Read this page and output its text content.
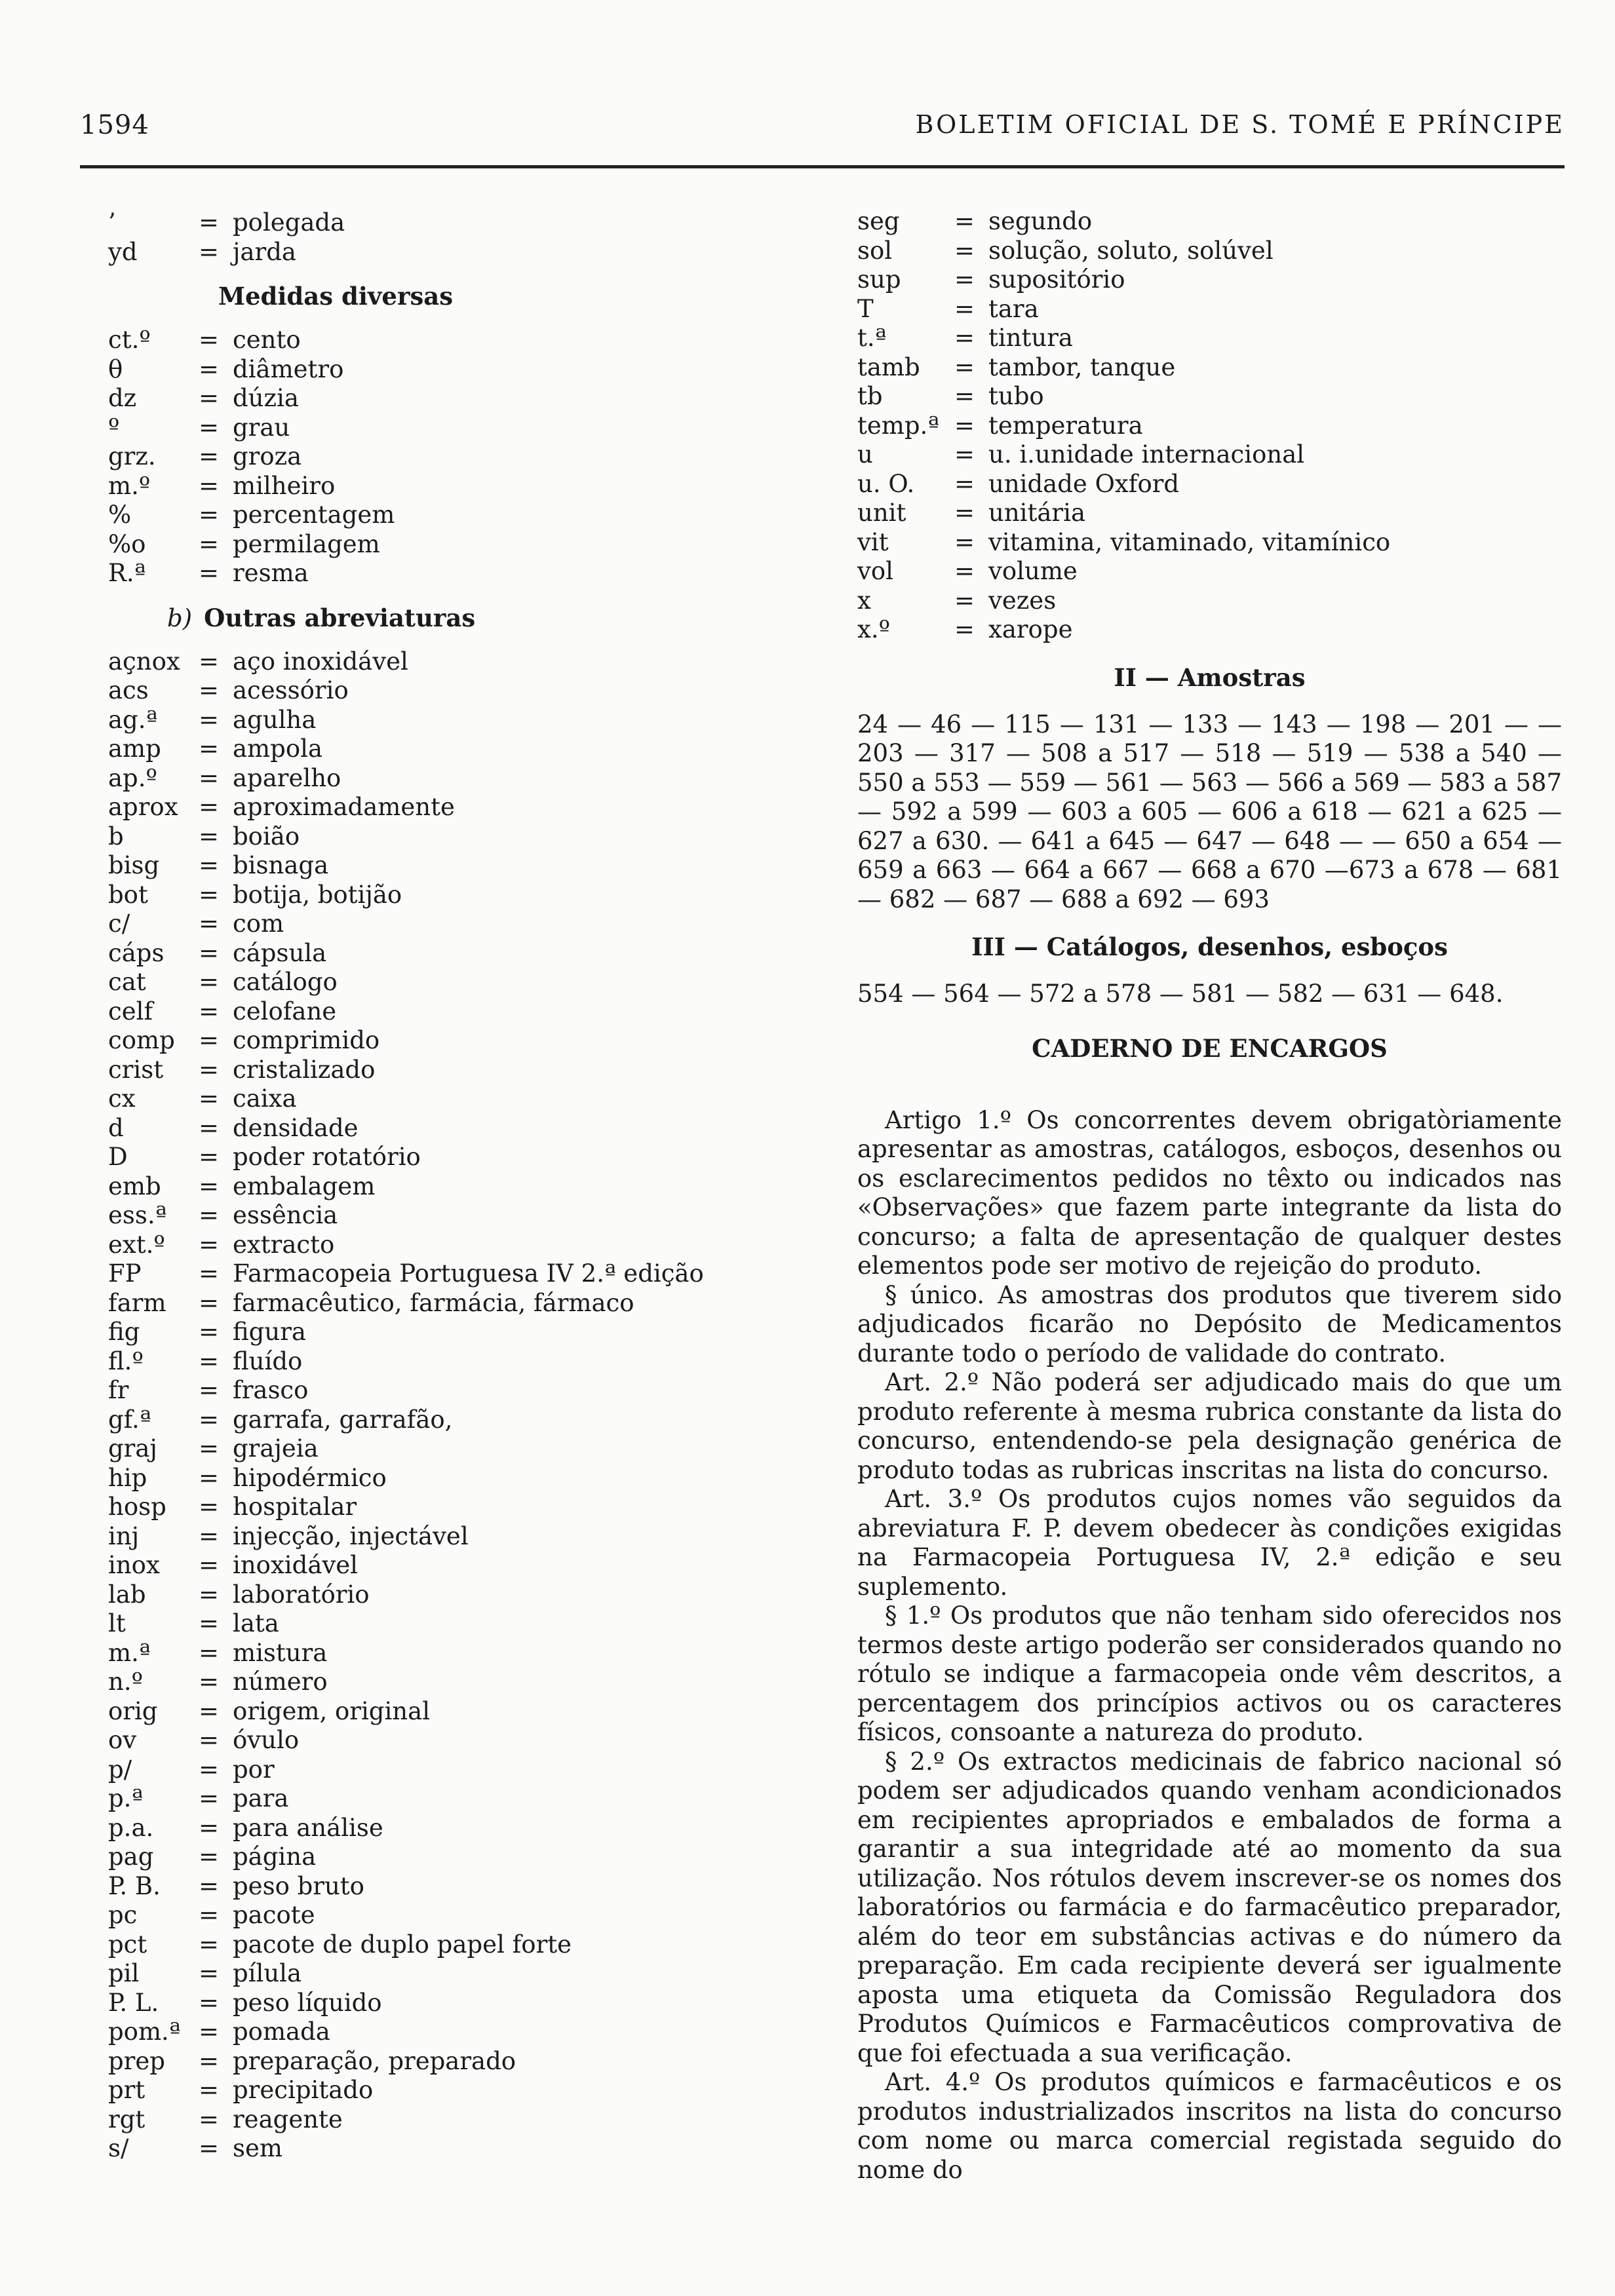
1594	BOLETIM OFICIAL DE S. TOMÉ E PRÍNCIPE
’	= polegada
yd	= jarda
Medidas diversas
ct.º	= cento
θ	= diâmetro
dz	= dúzia
º	= grau
grz.	= groza
m.º	= milheiro
%	= percentagem
%o	= permilagem
R.ª	= resma
b) Outras abreviaturas
açnox = aço inoxidável
acs	= acessório
ag.ª	= agulha
amp	= ampola
ap.º	= aparelho
aprox = aproximadamente
b	= boião
bisg	= bisnaga
bot	= botija, botijão
c/	= com
cáps	= cápsula
cat	= catálogo
celf	= celofane
comp = comprimido
crist	= cristalizado
cx	= caixa
d	= densidade
D	= poder rotatório
emb	= embalagem
ess.ª	= essência
ext.º	= extracto
FP	= Farmacopeia Portuguesa IV 2.ª edição
farm	= farmacêutico, farmácia, fármaco
fig	= figura
fl.º	= fluído
fr	= frasco
gf.ª	= garrafa, garrafão,
graj	= grajeia
hip	= hipodérmico
hosp	= hospitalar
inj	= injecção, injectável
inox	= inoxidável
lab	= laboratório
lt	= lata
m.ª	= mistura
n.º	= número
orig	= origem, original
ov	= óvulo
p/	= por
p.ª	= para
p.a.	= para análise
pag	= página
P. B.	= peso bruto
pc	= pacote
pct	= pacote de duplo papel forte
pil	= pílula
P. L.	= peso líquido
pom.ª = pomada
prep	= preparação, preparado
prt	= precipitado
rgt	= reagente
s/	= sem
seg	= segundo
sol	= solução, soluto, solúvel
sup	= supositório
T	= tara
t.ª	= tintura
tamb	= tambor, tanque
tb	= tubo
temp.ª = temperatura
u	= u. i.unidade internacional
u. O.	= unidade Oxford
unit	= unitária
vit	= vitamina, vitaminado, vitamínico
vol	= volume
x	= vezes
x.º	= xarope
II — Amostras
24 — 46 — 115 — 131 — 133 — 143 — 198 — 201 — — 203 — 317 — 508 a 517 — 518 — 519 — 538 a 540 —550 a 553 — 559 — 561 — 563 — 566 a 569 — 583 a 587 — 592 a 599 — 603 a 605 — 606 a 618 — 621 a 625 — 627 a 630. — 641 a 645 — 647 — 648 — — 650 a 654 — 659 a 663 — 664 a 667 — 668 a 670 —673 a 678 — 681 — 682 — 687 — 688 a 692 — 693
III — Catálogos, desenhos, esboços
554 — 564 — 572 a 578 — 581 — 582 — 631 — 648.
CADERNO DE ENCARGOS

Artigo 1.º Os concorrentes devem obrigatòriamente apresentar as amostras, catálogos, esboços, desenhos ou os esclarecimentos pedidos no têxto ou indicados nas «Observações» que fazem parte integrante da lista do concurso; a falta de apresentação de qualquer destes elementos pode ser motivo de rejeição do produto.

§ único. As amostras dos produtos que tiverem sido adjudicados ficarão no Depósito de Medicamentos durante todo o período de validade do contrato.

Art. 2.º Não poderá ser adjudicado mais do que um produto referente à mesma rubrica constante da lista do concurso, entendendo-se pela designação genérica de produto todas as rubricas inscritas na lista do concurso.

Art. 3.º Os produtos cujos nomes vão seguidos da abreviatura F. P. devem obedecer às condições exigidas na Farmacopeia Portuguesa IV, 2.ª edição e seu suplemento.

§ 1.º Os produtos que não tenham sido oferecidos nos termos deste artigo poderão ser considerados quando no rótulo se indique a farmacopeia onde vêm descritos, a percentagem dos princípios activos ou os caracteres físicos, consoante a natureza do produto.

§ 2.º Os extractos medicinais de fabrico nacional só podem ser adjudicados quando venham acondicionados em recipientes apropriados e embalados de forma a garantir a sua integridade até ao momento da sua utilização. Nos rótulos devem inscrever-se os nomes dos laboratórios ou farmácia e do farmacêutico preparador, além do teor em substâncias activas e do número da preparação. Em cada recipiente deverá ser igualmente aposta uma etiqueta da Comissão Reguladora dos Produtos Químicos e Farmacêuticos comprovativa de que foi efectuada a sua verificação.

Art. 4.º Os produtos químicos e farmacêuticos e os produtos industrializados inscritos na lista do concurso com nome ou marca comercial registada seguido do nome do
